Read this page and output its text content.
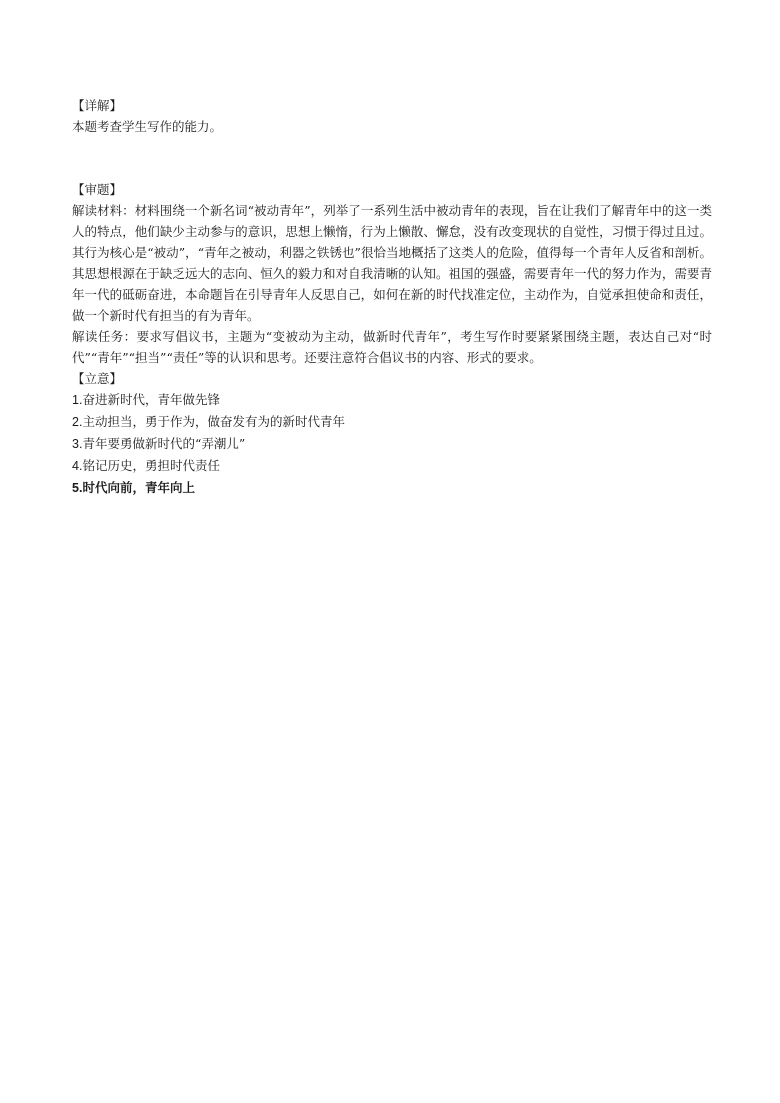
【详解】

本题考查学生写作的能力。

【审题】

解读材料：材料围绕一个新名词“被动青年”，列举了一系列生活中被动青年的表现，旨在让我们了解青年中的这一类人的特点，他们缺少主动参与的意识，思想上懒惰，行为上懒散、懈怠，没有改变现状的自觉性，习惯于得过且过。其行为核心是“被动”，“青年之被动，利器之铁锈也”很恰当地概括了这类人的危险，值得每一个青年人反省和剖析。其思想根源在于缺乏远大的志向、恒久的毅力和对自我清晰的认知。祖国的强盛，需要青年一代的努力作为，需要青年一代的砥砺奋进，本命题旨在引导青年人反思自己，如何在新的时代找准定位，主动作为，自觉承担使命和责任，做一个新时代有担当的有为青年。

解读任务：要求写倡议书，主题为“变被动为主动，做新时代青年”，考生写作时要紧紧围绕主题，表达自己对“时代”“青年”“担当”“责任”等的认识和思考。还要注意符合倡议书的内容、形式的要求。

【立意】

1.奋进新时代，青年做先锋

2.主动担当，勇于作为，做奋发有为的新时代青年

3.青年要勇做新时代的“弄潮儿”

4.铭记历史，勇担时代责任

5.时代向前，青年向上
